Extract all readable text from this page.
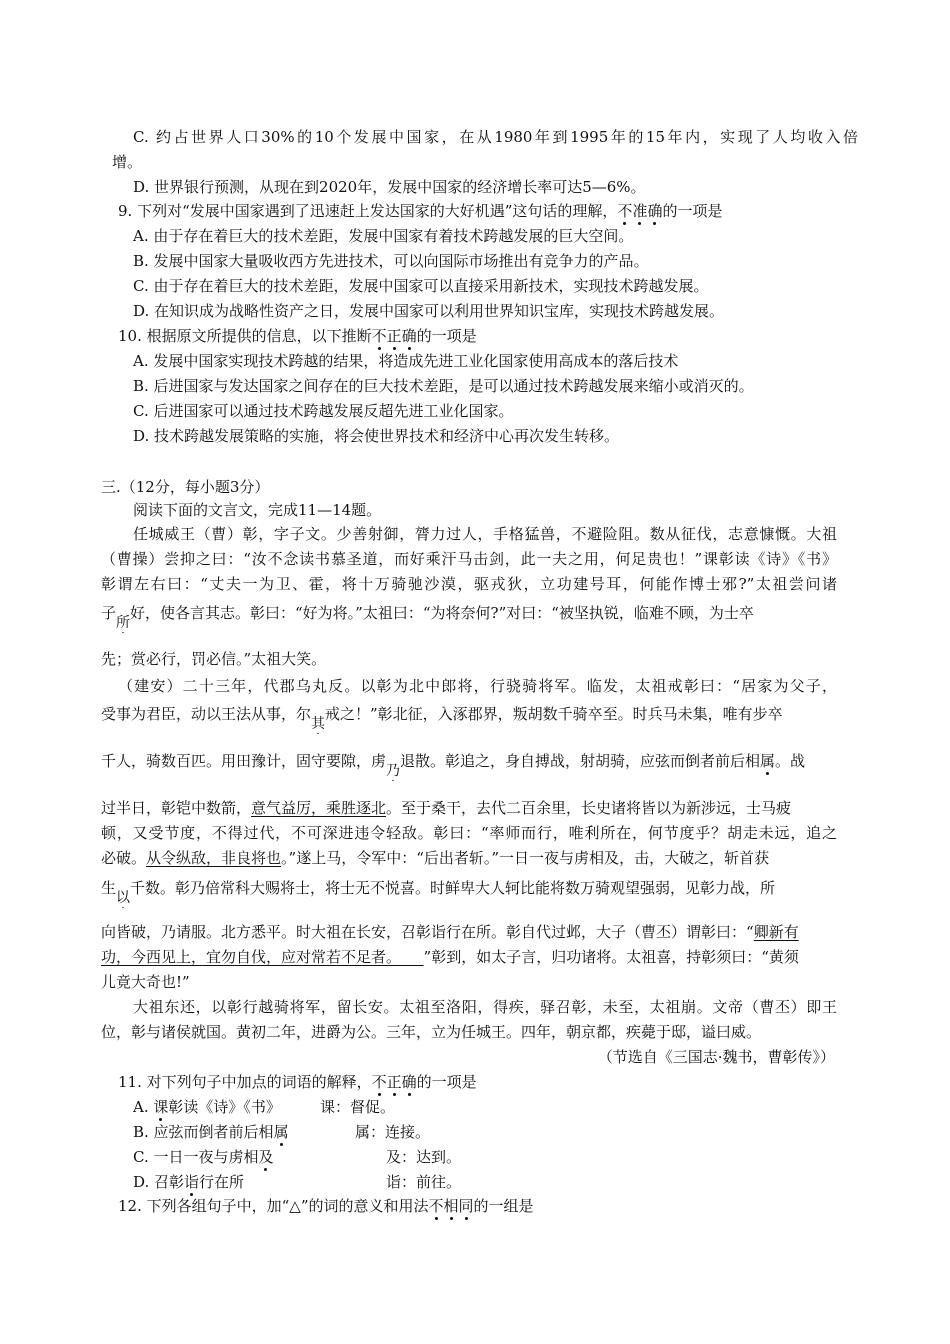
C. 约占世界人口30%的10个发展中国家，在从1980年到1995年的15年内，实现了人均收入倍
增。
D. 世界银行预测，从现在到2020年，发展中国家的经济增长率可达5—6%。
9. 下列对“发展中国家遇到了迅速赶上发达国家的大好机遇”这句话的理解，不准确的一项是
A. 由于存在着巨大的技术差距，发展中国家有着技术跨越发展的巨大空间。
B. 发展中国家大量吸收西方先进技术，可以向国际市场推出有竞争力的产品。
C. 由于存在着巨大的技术差距，发展中国家可以直接采用新技术，实现技术跨越发展。
D. 在知识成为战略性资产之日，发展中国家可以利用世界知识宝库，实现技术跨越发展。
10. 根据原文所提供的信息，以下推断不正确的一项是
A. 发展中国家实现技术跨越的结果，将造成先进工业化国家使用高成本的落后技术
B. 后进国家与发达国家之间存在的巨大技术差距，是可以通过技术跨越发展来缩小或消灭的。
C. 后进国家可以通过技术跨越发展反超先进工业化国家。
D. 技术跨越发展策略的实施，将会使世界技术和经济中心再次发生转移。
三.（12分，每小题3分）
阅读下面的文言文，完成11—14题。
任城威王（曹）彰，字子文。少善射御，膂力过人，手格猛兽，不避险阻。数从征伐，志意慷慨。大祖
（曹操）尝抑之曰：“汝不念读书慕圣道，而好乘汗马击剑，此一夫之用，何足贵也！”课彰读《诗》《书》
彰谓左右曰：“丈夫一为卫、霍，将十万骑驰沙漠，驱戎狄，立功建号耳，何能作博士邪?”太祖尝问诸
子所 Δ好，使各言其志。彰曰：“好为将。”太祖曰：“为将奈何?”对曰：“被坚执锐，临难不顾，为士卒
先；赏必行，罚必信。”太祖大笑。
（建安）二十三年，代郡乌丸反。以彰为北中郎将，行骁骑将军。临发，太祖戒彰曰：“居家为父子，
受事为君臣，动以王法从事，尔其 Δ戒之！”彰北征，入涿郡界，叛胡数千骑卒至。时兵马未集，唯有步卒
千人，骑数百匹。用田豫计，固守要隙，虏乃 Δ退散。彰追之，身自搏战，射胡骑，应弦而倒者前后相属。战
过半日，彰铠中数箭，意气益厉，乘胜逐北。至于桑干，去代二百余里，长史诸将皆以为新涉远，士马疲
顿，又受节度，不得过代，不可深进违令轻敌。彰曰：“率师而行，唯利所在，何节度乎？胡走未远，追之
必破。从令纵敌，非良将也。”遂上马，令军中：“后出者斩。”一日一夜与虏相及，击，大破之，斩首获
生以 Δ千数。彰乃倍常科大赐将士，将士无不悦喜。时鲜卑大人轲比能将数万骑观望强弱，见彰力战，所
向皆破，乃请服。北方悉平。时大祖在长安，召彰诣行在所。彰自代过邺，大子（曹丕）谓彰曰：“卿新有
功，今西见上，宜勿自伐，应对常若不足者。　　 ”彰到，如太子言，归功诸将。太祖喜，持彰须曰：“黄须
儿竟大奇也!”
大祖东还，以彰行越骑将军，留长安。太祖至洛阳，得疾，驿召彰，未至，太祖崩。文帝（曹丕）即王
位，彰与诸侯就国。黄初二年，进爵为公。三年，立为任城王。四年，朝京都，疾薨于邸，谥曰威。
（节选自《三国志·魏书，曹彰传》）
11. 对下列句子中加点的词语的解释，不正确的一项是
A. 课彰读《诗》《书》	课：督促。
B. 应弦而倒者前后相属	属：连接。
C. 一日一夜与虏相及	及：达到。
D. 召彰诣行在所	诣：前往。
12. 下列各组句子中，加“△”的词的意义和用法不相同的一组是
